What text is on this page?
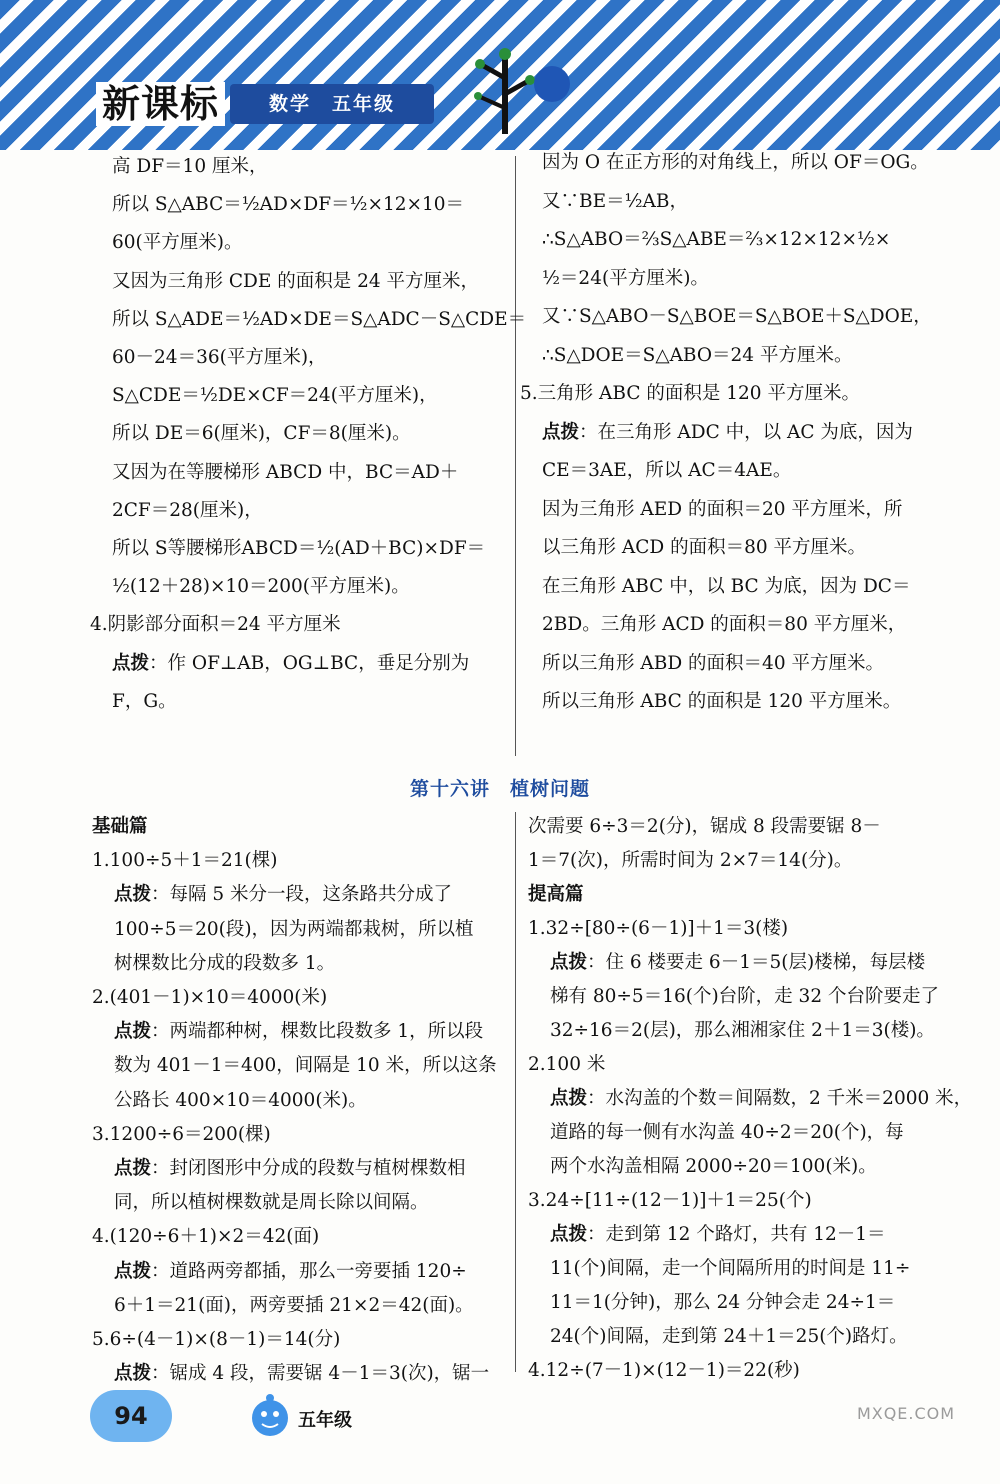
新课标	数学　五年级
高 DF＝10 厘米，
所以 S△ABC＝½AD×DF＝½×12×10＝
60(平方厘米)。
又因为三角形 CDE 的面积是 24 平方厘米，
所以 S△ADE＝½AD×DE＝S△ADC－S△CDE＝
60－24＝36(平方厘米)，
S△CDE＝½DE×CF＝24(平方厘米)，
所以 DE＝6(厘米)，CF＝8(厘米)。
又因为在等腰梯形 ABCD 中，BC＝AD＋
2CF＝28(厘米)，
所以 S等腰梯形ABCD＝½(AD＋BC)×DF＝
½(12＋28)×10＝200(平方厘米)。
4.阴影部分面积＝24 平方厘米
点拨：作 OF⊥AB，OG⊥BC，垂足分别为
F，G。
因为 O 在正方形的对角线上，所以 OF＝OG。
又∵BE＝½AB，
∴S△ABO＝⅔S△ABE＝⅔×12×12×½×
½＝24(平方厘米)。
又∵S△ABO－S△BOE＝S△BOE＋S△DOE，
∴S△DOE＝S△ABO＝24 平方厘米。
5.三角形 ABC 的面积是 120 平方厘米。
点拨：在三角形 ADC 中，以 AC 为底，因为
CE＝3AE，所以 AC＝4AE。
因为三角形 AED 的面积＝20 平方厘米，所
以三角形 ACD 的面积＝80 平方厘米。
在三角形 ABC 中，以 BC 为底，因为 DC＝
2BD。三角形 ACD 的面积＝80 平方厘米，
所以三角形 ABD 的面积＝40 平方厘米。
所以三角形 ABC 的面积是 120 平方厘米。
第十六讲　植树问题
基础篇
1.100÷5＋1＝21(棵)
点拨：每隔 5 米分一段，这条路共分成了
100÷5＝20(段)，因为两端都栽树，所以植
树棵数比分成的段数多 1。
2.(401－1)×10＝4000(米)
点拨：两端都种树，棵数比段数多 1，所以段
数为 401－1＝400，间隔是 10 米，所以这条
公路长 400×10＝4000(米)。
3.1200÷6＝200(棵)
点拨：封闭图形中分成的段数与植树棵数相
同，所以植树棵数就是周长除以间隔。
4.(120÷6＋1)×2＝42(面)
点拨：道路两旁都插，那么一旁要插 120÷
6＋1＝21(面)，两旁要插 21×2＝42(面)。
5.6÷(4－1)×(8－1)＝14(分)
点拨：锯成 4 段，需要锯 4－1＝3(次)，锯一
次需要 6÷3＝2(分)，锯成 8 段需要锯 8－
1＝7(次)，所需时间为 2×7＝14(分)。
提高篇
1.32÷[80÷(6－1)]＋1＝3(楼)
点拨：住 6 楼要走 6－1＝5(层)楼梯，每层楼
梯有 80÷5＝16(个)台阶，走 32 个台阶要走了
32÷16＝2(层)，那么湘湘家住 2＋1＝3(楼)。
2.100 米
点拨：水沟盖的个数＝间隔数，2 千米＝2000 米，
道路的每一侧有水沟盖 40÷2＝20(个)，每
两个水沟盖相隔 2000÷20＝100(米)。
3.24÷[11÷(12－1)]＋1＝25(个)
点拨：走到第 12 个路灯，共有 12－1＝
11(个)间隔，走一个间隔所用的时间是 11÷
11＝1(分钟)，那么 24 分钟会走 24÷1＝
24(个)间隔，走到第 24＋1＝25(个)路灯。
4.12÷(7－1)×(12－1)＝22(秒)
94	五年级	MXQE.COM
